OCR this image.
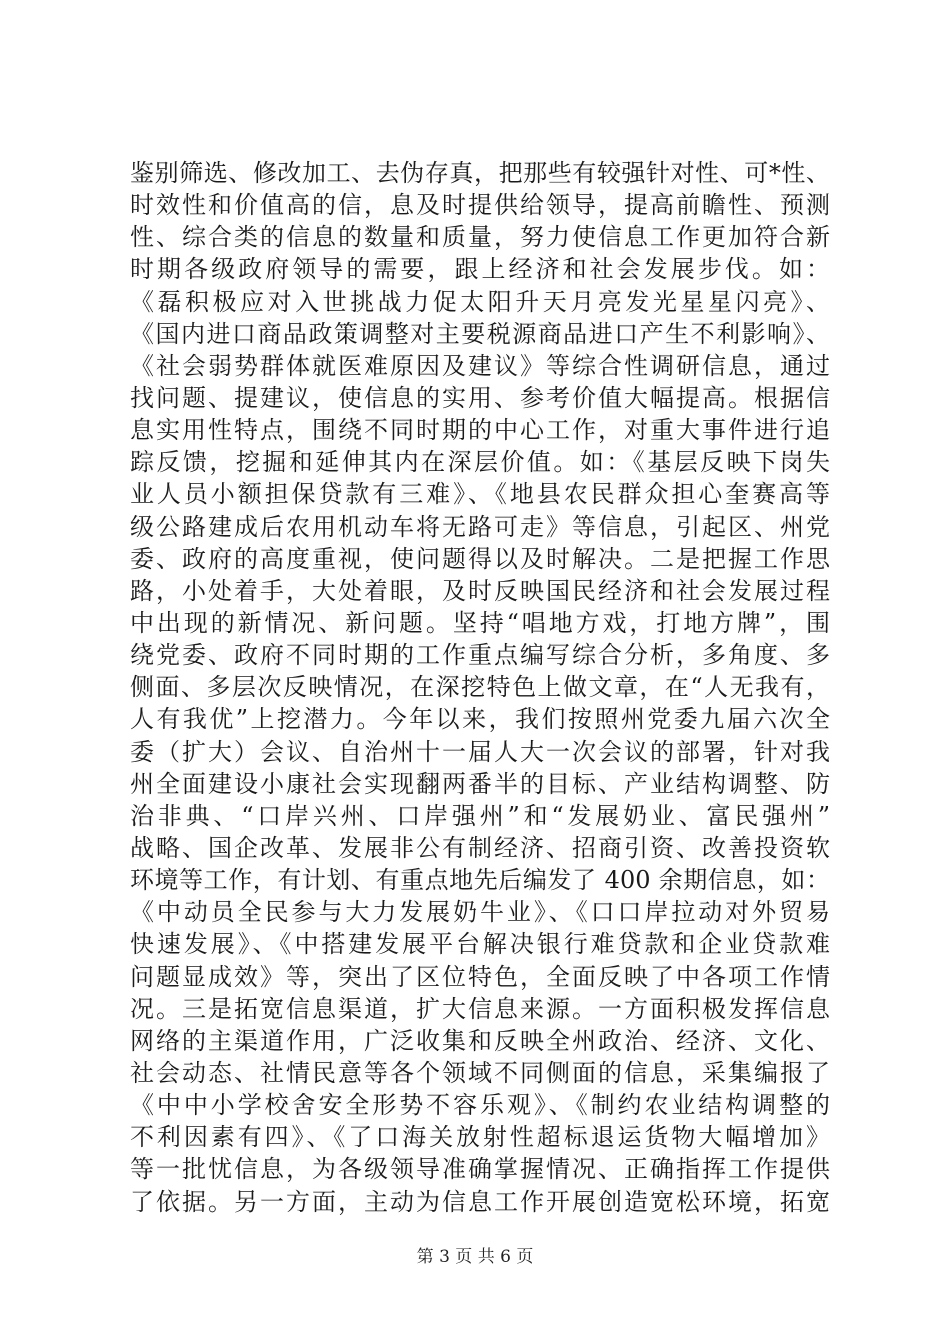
鉴别筛选、修改加工、去伪存真，把那些有较强针对性、可*性、
时效性和价值高的信，息及时提供给领导，提高前瞻性、预测
性、综合类的信息的数量和质量，努力使信息工作更加符合新
时期各级政府领导的需要，跟上经济和社会发展步伐。如：
《磊积极应对入世挑战力促太阳升天月亮发光星星闪亮》、
《国内进口商品政策调整对主要税源商品进口产生不利影响》、
《社会弱势群体就医难原因及建议》等综合性调研信息，通过
找问题、提建议，使信息的实用、参考价值大幅提高。根据信
息实用性特点，围绕不同时期的中心工作，对重大事件进行追
踪反馈，挖掘和延伸其内在深层价值。如：《基层反映下岗失
业人员小额担保贷款有三难》、《地县农民群众担心奎赛高等
级公路建成后农用机动车将无路可走》等信息，引起区、州党
委、政府的高度重视，使问题得以及时解决。二是把握工作思
路，小处着手，大处着眼，及时反映国民经济和社会发展过程
中出现的新情况、新问题。坚持“唱地方戏，打地方牌”，围
绕党委、政府不同时期的工作重点编写综合分析，多角度、多
侧面、多层次反映情况，在深挖特色上做文章，在“人无我有，
人有我优”上挖潜力。今年以来，我们按照州党委九届六次全
委（扩大）会议、自治州十一届人大一次会议的部署，针对我
州全面建设小康社会实现翻两番半的目标、产业结构调整、防
治非典、“口岸兴州、口岸强州”和“发展奶业、富民强州”
战略、国企改革、发展非公有制经济、招商引资、改善投资软
环境等工作，有计划、有重点地先后编发了 400 余期信息，如：
《中动员全民参与大力发展奶牛业》、《口口岸拉动对外贸易
快速发展》、《中搭建发展平台解决银行难贷款和企业贷款难
问题显成效》等，突出了区位特色，全面反映了中各项工作情
况。三是拓宽信息渠道，扩大信息来源。一方面积极发挥信息
网络的主渠道作用，广泛收集和反映全州政治、经济、文化、
社会动态、社情民意等各个领域不同侧面的信息，采集编报了
《中中小学校舍安全形势不容乐观》、《制约农业结构调整的
不利因素有四》、《了口海关放射性超标退运货物大幅增加》
等一批忧信息，为各级领导准确掌握情况、正确指挥工作提供
了依据。另一方面，主动为信息工作开展创造宽松环境，拓宽
第 3 页 共 6 页
